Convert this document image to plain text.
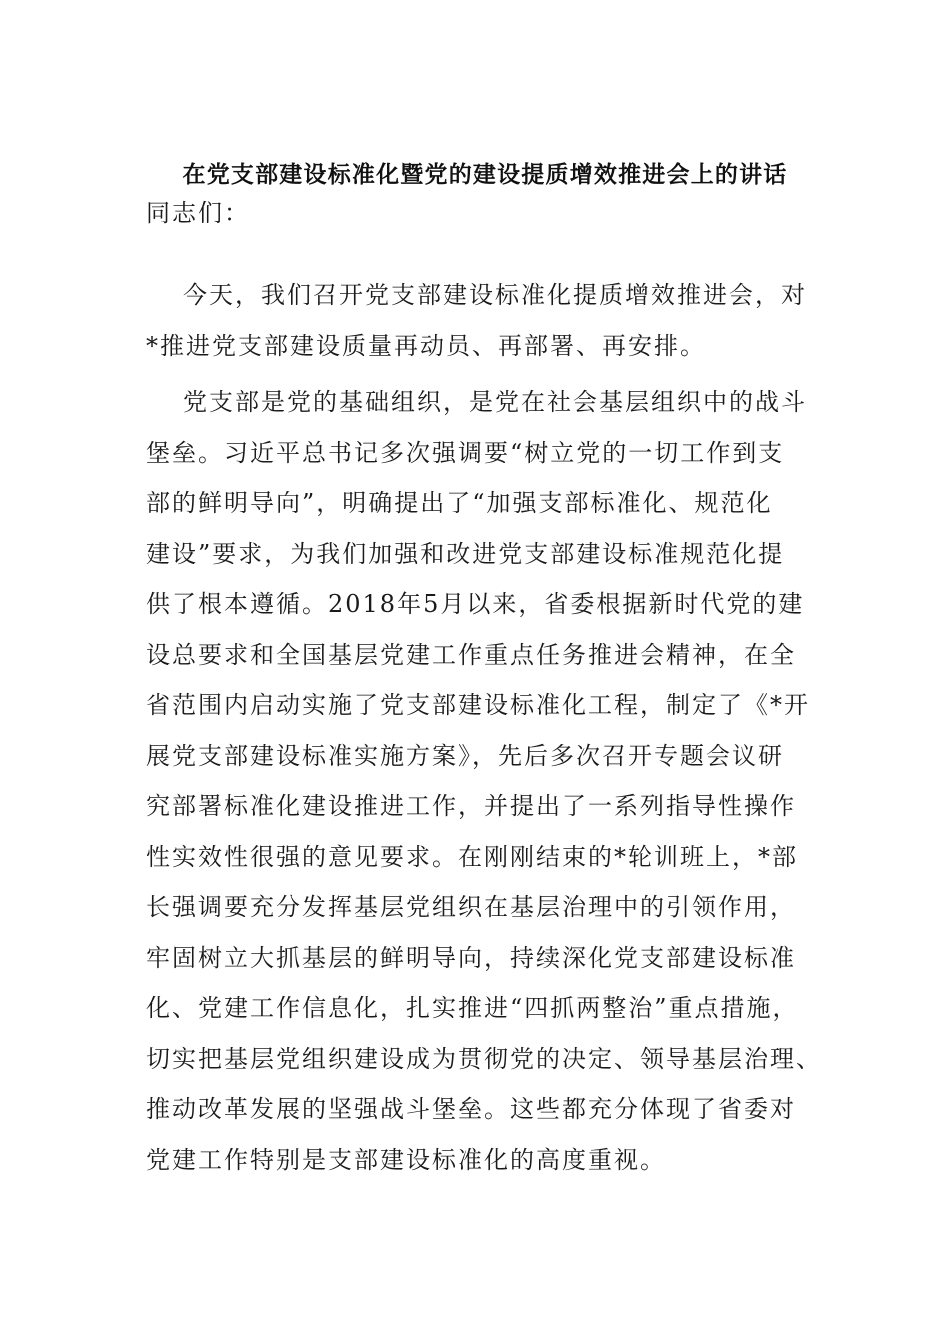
在党支部建设标准化暨党的建设提质增效推进会上的讲话

同志们：

今天，我们召开党支部建设标准化提质增效推进会，对
*推进党支部建设质量再动员、再部署、再安排。

党支部是党的基础组织，是党在社会基层组织中的战斗
堡垒。习近平总书记多次强调要“树立党的一切工作到支
部的鲜明导向”，明确提出了“加强支部标准化、规范化
建设”要求，为我们加强和改进党支部建设标准规范化提
供了根本遵循。2018年5月以来，省委根据新时代党的建
设总要求和全国基层党建工作重点任务推进会精神，在全
省范围内启动实施了党支部建设标准化工程，制定了《*开
展党支部建设标准实施方案》，先后多次召开专题会议研
究部署标准化建设推进工作，并提出了一系列指导性操作
性实效性很强的意见要求。在刚刚结束的*轮训班上，*部
长强调要充分发挥基层党组织在基层治理中的引领作用，
牢固树立大抓基层的鲜明导向，持续深化党支部建设标准
化、党建工作信息化，扎实推进“四抓两整治”重点措施，
切实把基层党组织建设成为贯彻党的决定、领导基层治理、
推动改革发展的坚强战斗堡垒。这些都充分体现了省委对
党建工作特别是支部建设标准化的高度重视。
